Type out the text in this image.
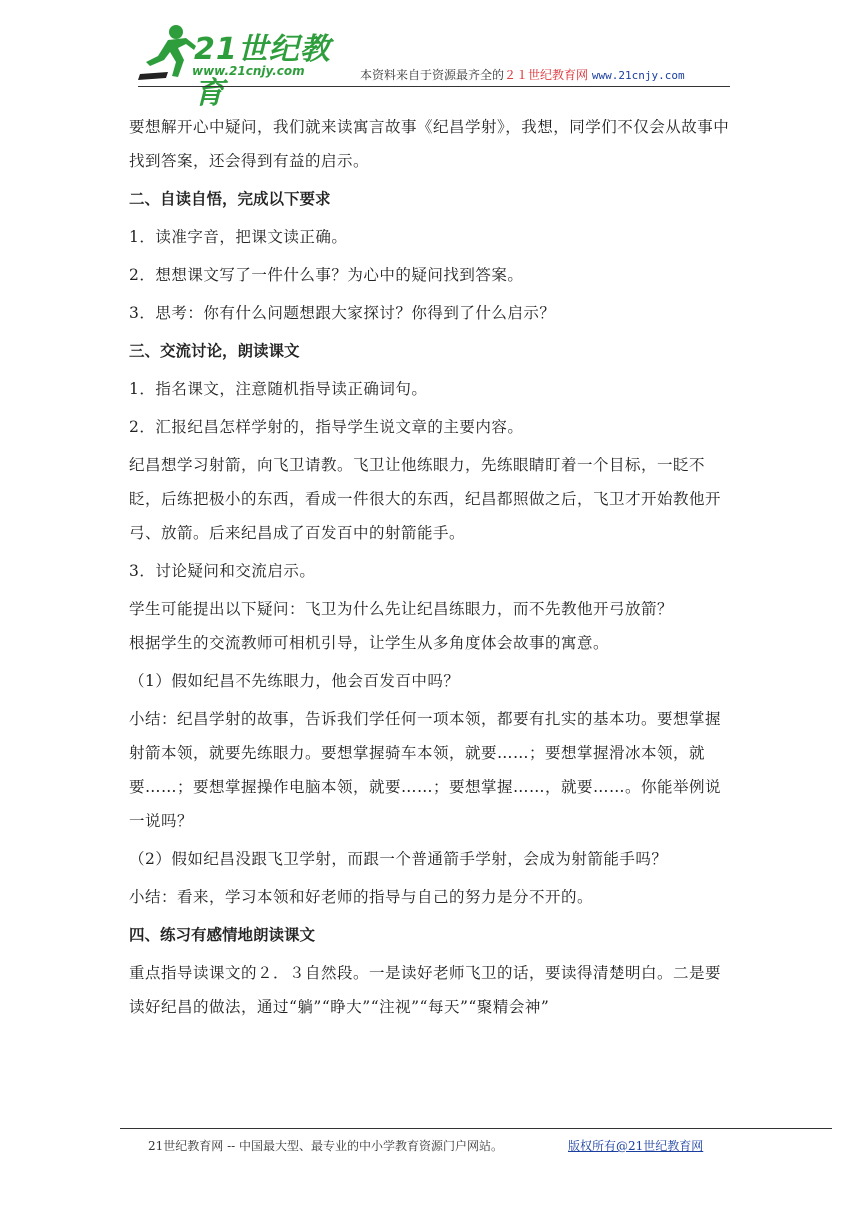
21世纪教育
www.21cnjy.com	本资料来自于资源最齐全的２１世纪教育网 www.21cnjy.com

要想解开心中疑问，我们就来读寓言故事《纪昌学射》，我想，同学们不仅会从故事中找到答案，还会得到有益的启示。

二、自读自悟，完成以下要求

1．读准字音，把课文读正确。

2．想想课文写了一件什么事？为心中的疑问找到答案。

3．思考：你有什么问题想跟大家探讨？你得到了什么启示？

三、交流讨论，朗读课文

1．指名课文，注意随机指导读正确词句。

2．汇报纪昌怎样学射的，指导学生说文章的主要内容。

纪昌想学习射箭，向飞卫请教。飞卫让他练眼力，先练眼睛盯着一个目标，一眨不眨，后练把极小的东西，看成一件很大的东西，纪昌都照做之后，飞卫才开始教他开弓、放箭。后来纪昌成了百发百中的射箭能手。

3．讨论疑问和交流启示。

学生可能提出以下疑问：飞卫为什么先让纪昌练眼力，而不先教他开弓放箭？

根据学生的交流教师可相机引导，让学生从多角度体会故事的寓意。

（1）假如纪昌不先练眼力，他会百发百中吗？

小结：纪昌学射的故事，告诉我们学任何一项本领，都要有扎实的基本功。要想掌握射箭本领，就要先练眼力。要想掌握骑车本领，就要……；要想掌握滑冰本领，就要……；要想掌握操作电脑本领，就要……；要想掌握……，就要……。你能举例说一说吗？

（2）假如纪昌没跟飞卫学射，而跟一个普通箭手学射，会成为射箭能手吗？

小结：看来，学习本领和好老师的指导与自己的努力是分不开的。

四、练习有感情地朗读课文

重点指导读课文的２．３自然段。一是读好老师飞卫的话，要读得清楚明白。二是要读好纪昌的做法，通过“躺”“睁大”“注视”“每天”“聚精会神”

21世纪教育网 -- 中国最大型、最专业的中小学教育资源门户网站。	版权所有@21世纪教育网
